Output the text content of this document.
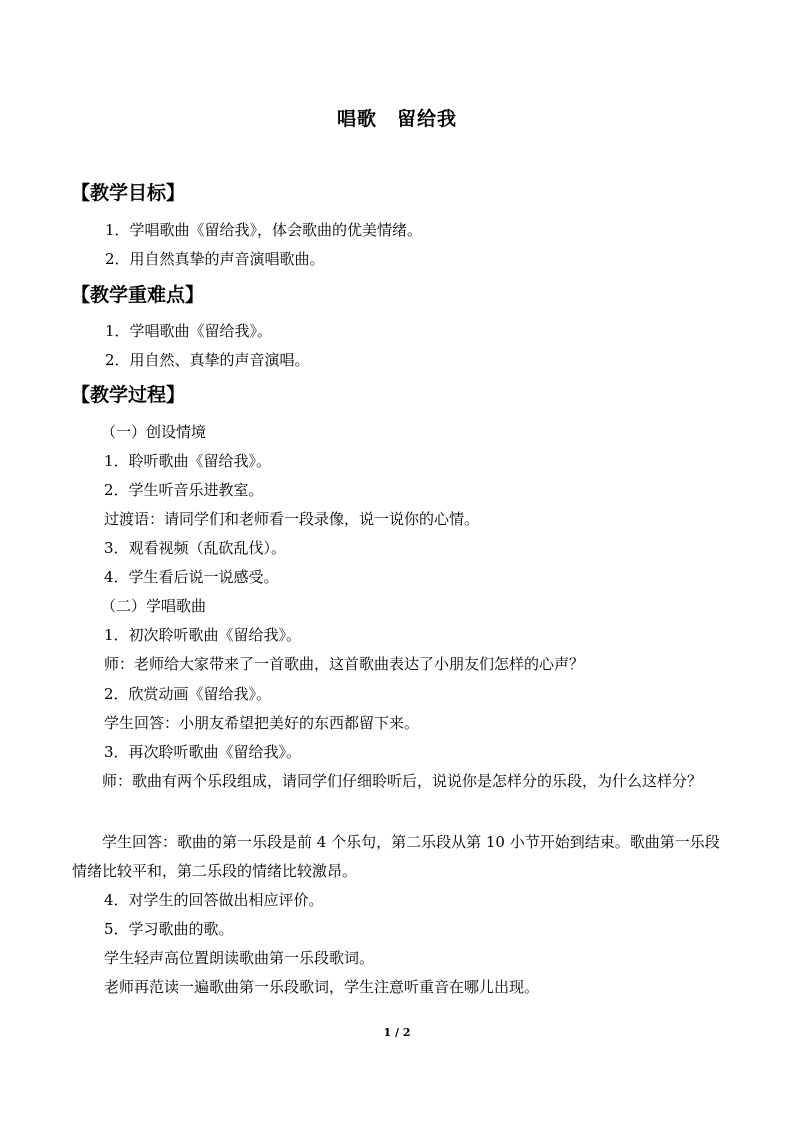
唱歌　留给我
【教学目标】
1．学唱歌曲《留给我》，体会歌曲的优美情绪。
2．用自然真挚的声音演唱歌曲。
【教学重难点】
1．学唱歌曲《留给我》。
2．用自然、真挚的声音演唱。
【教学过程】
（一）创设情境
1．聆听歌曲《留给我》。
2．学生听音乐进教室。
过渡语：请同学们和老师看一段录像，说一说你的心情。
3．观看视频（乱砍乱伐）。
4．学生看后说一说感受。
（二）学唱歌曲
1．初次聆听歌曲《留给我》。
师：老师给大家带来了一首歌曲，这首歌曲表达了小朋友们怎样的心声？
2．欣赏动画《留给我》。
学生回答：小朋友希望把美好的东西都留下来。
3．再次聆听歌曲《留给我》。
师：歌曲有两个乐段组成，请同学们仔细聆听后，说说你是怎样分的乐段，为什么这样分？
学生回答：歌曲的第一乐段是前 4 个乐句，第二乐段从第 10 小节开始到结束。歌曲第一乐段情绪比较平和，第二乐段的情绪比较激昂。
4．对学生的回答做出相应评价。
5．学习歌曲的歌。
学生轻声高位置朗读歌曲第一乐段歌词。
老师再范读一遍歌曲第一乐段歌词，学生注意听重音在哪儿出现。
1 / 2
